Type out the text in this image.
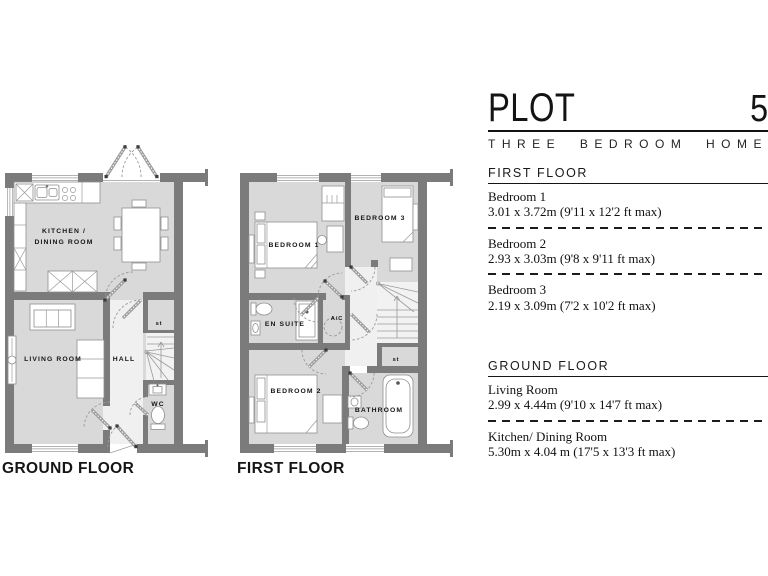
KITCHEN /
DINING ROOM
LIVING ROOM	HALL
st
WC
GROUND FLOOR
BEDROOM 1
BEDROOM 3
EN SUITE
A/C
BEDROOM 2
BATHROOM
st
FIRST FLOOR
PLOT	5
THREE BEDROOM HOME
FIRST FLOOR
Bedroom 1
3.01 x 3.72m (9'11 x 12'2 ft max)
Bedroom 2
2.93 x 3.03m (9'8 x 9'11 ft max)
Bedroom 3
2.19 x 3.09m (7'2 x 10'2 ft max)
GROUND FLOOR
Living Room
2.99 x 4.44m (9'10 x 14'7 ft max)
Kitchen/ Dining Room
5.30m x 4.04 m (17'5 x 13'3 ft max)
